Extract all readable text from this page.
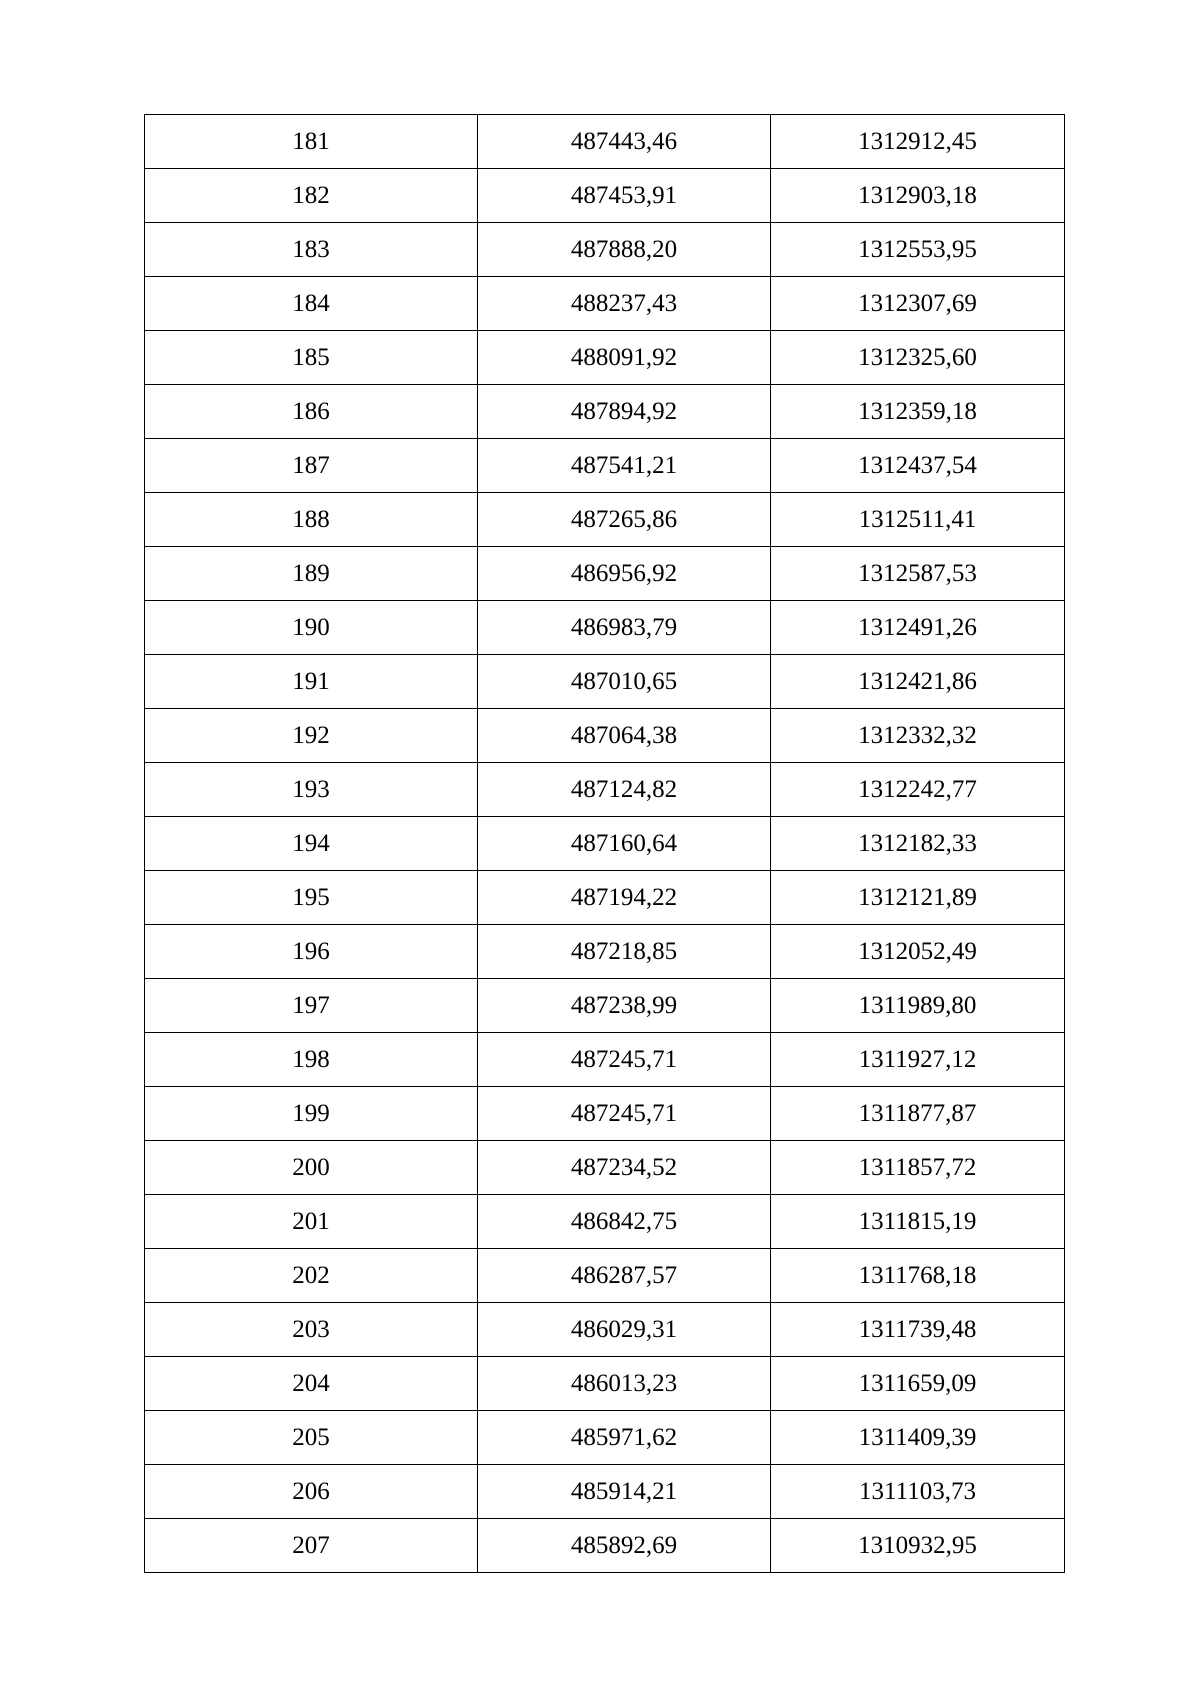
181	487443,46	1312912,45
182	487453,91	1312903,18
183	487888,20	1312553,95
184	488237,43	1312307,69
185	488091,92	1312325,60
186	487894,92	1312359,18
187	487541,21	1312437,54
188	487265,86	1312511,41
189	486956,92	1312587,53
190	486983,79	1312491,26
191	487010,65	1312421,86
192	487064,38	1312332,32
193	487124,82	1312242,77
194	487160,64	1312182,33
195	487194,22	1312121,89
196	487218,85	1312052,49
197	487238,99	1311989,80
198	487245,71	1311927,12
199	487245,71	1311877,87
200	487234,52	1311857,72
201	486842,75	1311815,19
202	486287,57	1311768,18
203	486029,31	1311739,48
204	486013,23	1311659,09
205	485971,62	1311409,39
206	485914,21	1311103,73
207	485892,69	1310932,95
